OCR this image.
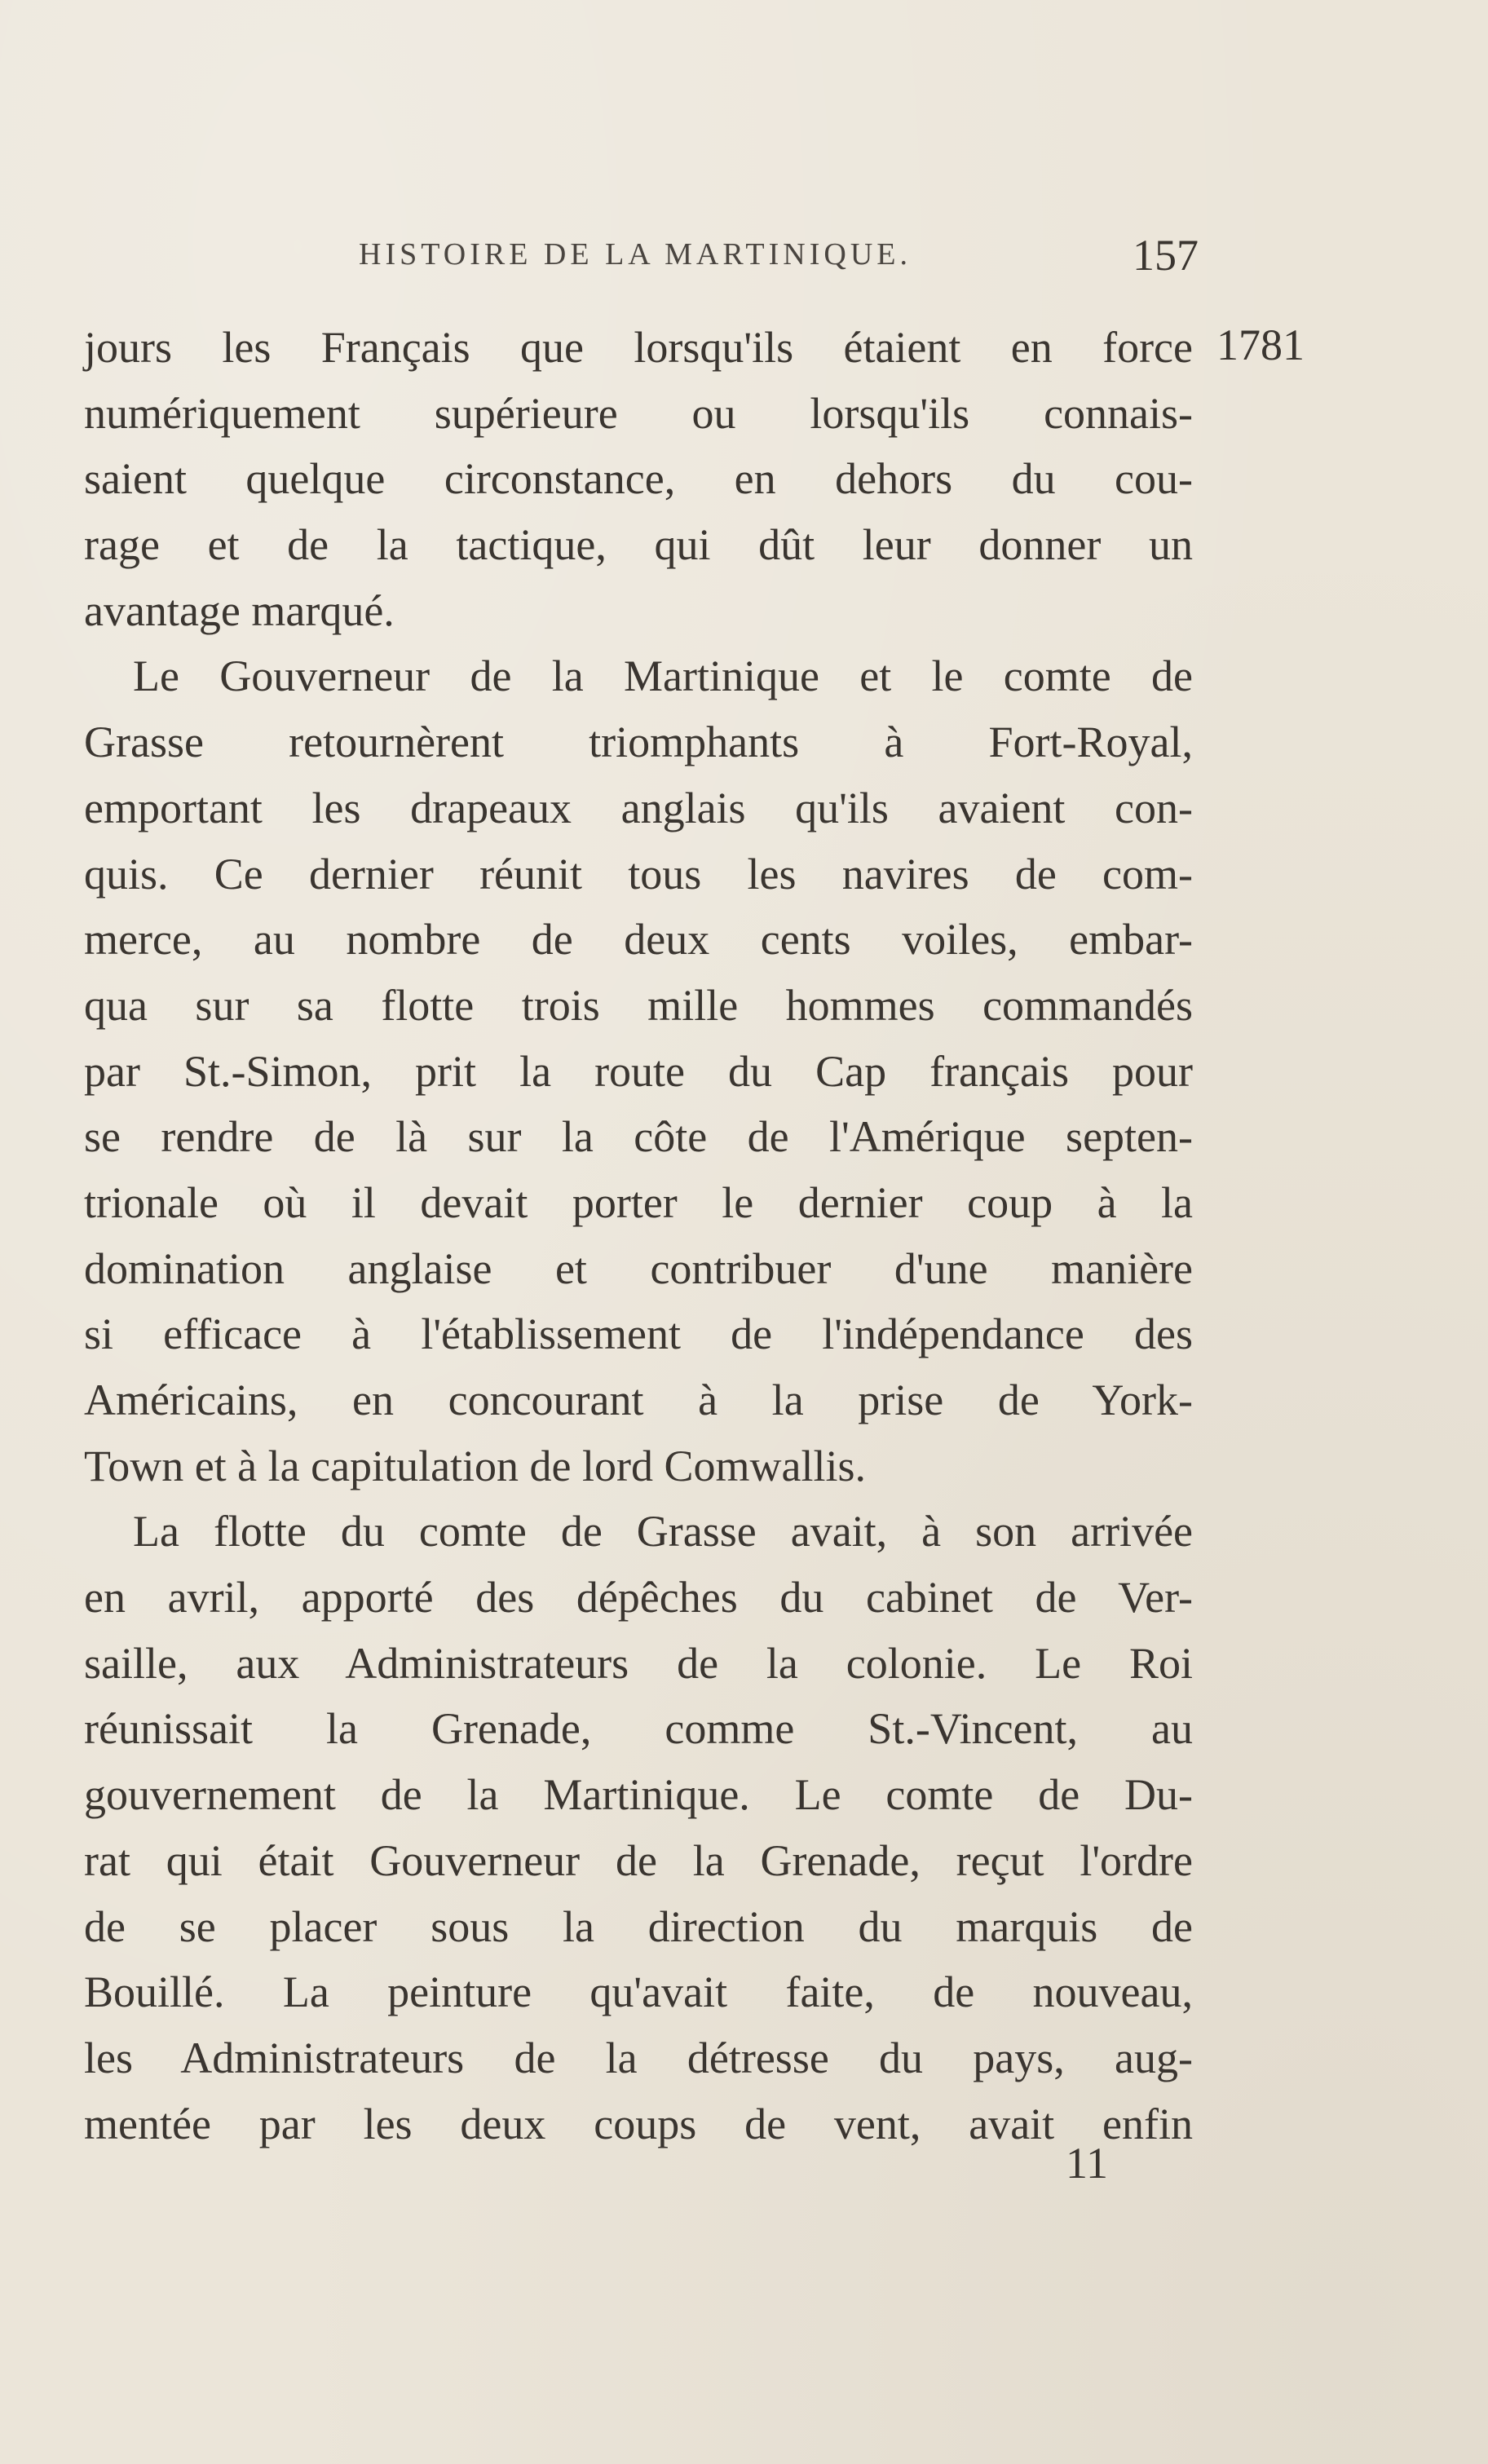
HISTOIRE DE LA MARTINIQUE.	157
1781
jours les Français que lorsqu'ils étaient en force
numériquement supérieure ou lorsqu'ils connais-
saient quelque circonstance, en dehors du cou-
rage et de la tactique, qui dût leur donner un
avantage marqué.
Le Gouverneur de la Martinique et le comte de
Grasse retournèrent triomphants à Fort-Royal,
emportant les drapeaux anglais qu'ils avaient con-
quis. Ce dernier réunit tous les navires de com-
merce, au nombre de deux cents voiles, embar-
qua sur sa flotte trois mille hommes commandés
par St.-Simon, prit la route du Cap français pour
se rendre de là sur la côte de l'Amérique septen-
trionale où il devait porter le dernier coup à la
domination anglaise et contribuer d'une manière
si efficace à l'établissement de l'indépendance des
Américains, en concourant à la prise de York-
Town et à la capitulation de lord Comwallis.
La flotte du comte de Grasse avait, à son arrivée
en avril, apporté des dépêches du cabinet de Ver-
saille, aux Administrateurs de la colonie. Le Roi
réunissait la Grenade, comme St.-Vincent, au
gouvernement de la Martinique. Le comte de Du-
rat qui était Gouverneur de la Grenade, reçut l'ordre
de se placer sous la direction du marquis de
Bouillé. La peinture qu'avait faite, de nouveau,
les Administrateurs de la détresse du pays, aug-
mentée par les deux coups de vent, avait enfin
11
